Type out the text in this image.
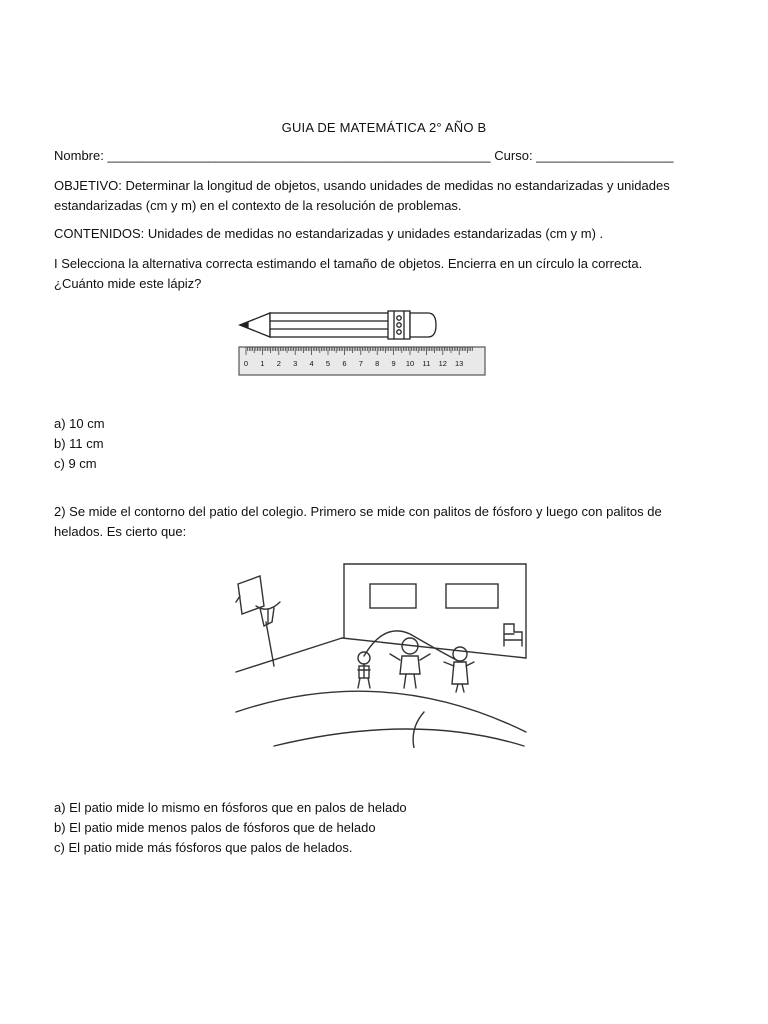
GUIA DE MATEMÁTICA 2° AÑO B
Nombre: _____________________________________________________ Curso: ___________________
OBJETIVO: Determinar la longitud de objetos, usando unidades de medidas no estandarizadas y unidades estandarizadas (cm y m) en el contexto de la resolución de problemas.
CONTENIDOS: Unidades de medidas no estandarizadas y unidades estandarizadas (cm y m) .
I Selecciona la alternativa correcta estimando el tamaño de objetos. Encierra en un círculo la correcta.
¿Cuánto mide este lápiz?
0 1 2 3 4 5 6 7 8 9 10 11 12 13
a) 10 cm
b) 11 cm
c) 9 cm
2) Se mide el contorno del patio del colegio. Primero se mide con palitos de fósforo y luego con palitos de helados. Es cierto que:
a) El patio mide lo mismo en fósforos que en palos de helado
b) El patio mide menos palos de fósforos que de helado
c) El patio mide más fósforos que palos de helados.
